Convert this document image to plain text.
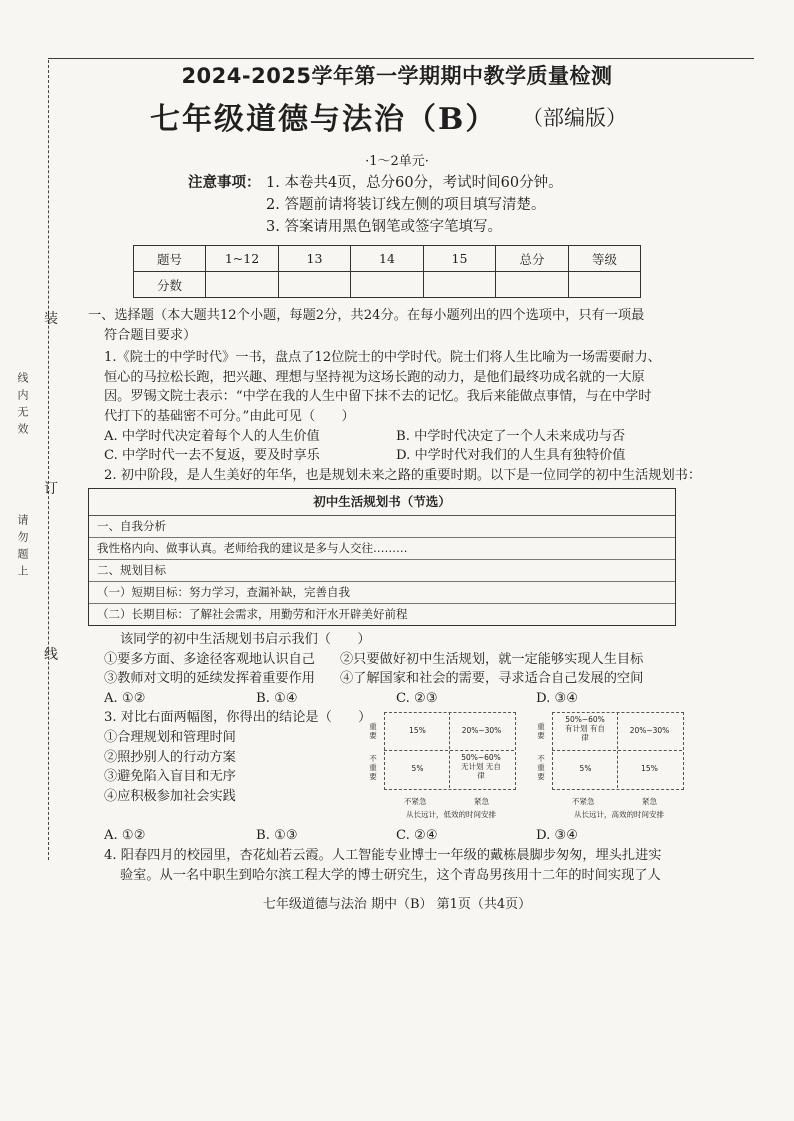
装
订
线
线内无效
请勿题上
2024-2025学年第一学期期中教学质量检测
七年级道德与法治（B） （部编版）
·1～2单元·
注意事项： 1. 本卷共4页，总分60分，考试时间60分钟。
2. 答题前请将装订线左侧的项目填写清楚。
3. 答案请用黑色钢笔或签字笔填写。
题号	1~12	13	14	15	总分	等级
分数						
一、选择题（本大题共12个小题，每题2分，共24分。在每小题列出的四个选项中，只有一项最
符合题目要求）
1.《院士的中学时代》一书，盘点了12位院士的中学时代。院士们将人生比喻为一场需要耐力、
恒心的马拉松长跑，把兴趣、理想与坚持视为这场长跑的动力，是他们最终功成名就的一大原
因。罗锡文院士表示：“中学在我的人生中留下抹不去的记忆。我后来能做点事情，与在中学时
代打下的基础密不可分。”由此可见（　　）
A. 中学时代决定着每个人的人生价值	B. 中学时代决定了一个人未来成功与否
C. 中学时代一去不复返，要及时享乐	D. 中学时代对我们的人生具有独特价值
2. 初中阶段，是人生美好的年华，也是规划未来之路的重要时期。以下是一位同学的初中生活规划书：
初中生活规划书（节选）
一、自我分析
我性格内向、做事认真。老师给我的建议是多与人交往………
二、规划目标
（一）短期目标：努力学习，查漏补缺，完善自我
（二）长期目标：了解社会需求，用勤劳和汗水开辟美好前程
该同学的初中生活规划书启示我们（　　）
①要多方面、多途径客观地认识自己 ②只要做好初中生活规划，就一定能够实现人生目标
③教师对文明的延续发挥着重要作用 ④了解国家和社会的需要，寻求适合自己发展的空间
A. ①②	B. ①④	C. ②③	D. ③④
3. 对比右面两幅图，你得出的结论是（　　）
①合理规划和管理时间
②照抄别人的行动方案
③避免陷入盲目和无序
④应积极参加社会实践
重要
不重要
15%	20%~30%
5%
50%~60% 无计划 无自律
不紧急	紧急
从长远计，低效的时间安排
重要
不重要
50%~60% 有计划 有自律
20%~30%
5%	15%
不紧急	紧急
从长远计，高效的时间安排
A. ①②	B. ①③	C. ②④	D. ③④
4. 阳春四月的校园里，杏花灿若云霞。人工智能专业博士一年级的戴栋晨脚步匆匆，埋头扎进实
验室。从一名中职生到哈尔滨工程大学的博士研究生，这个青岛男孩用十二年的时间实现了人
七年级道德与法治 期中（B） 第1页（共4页）
